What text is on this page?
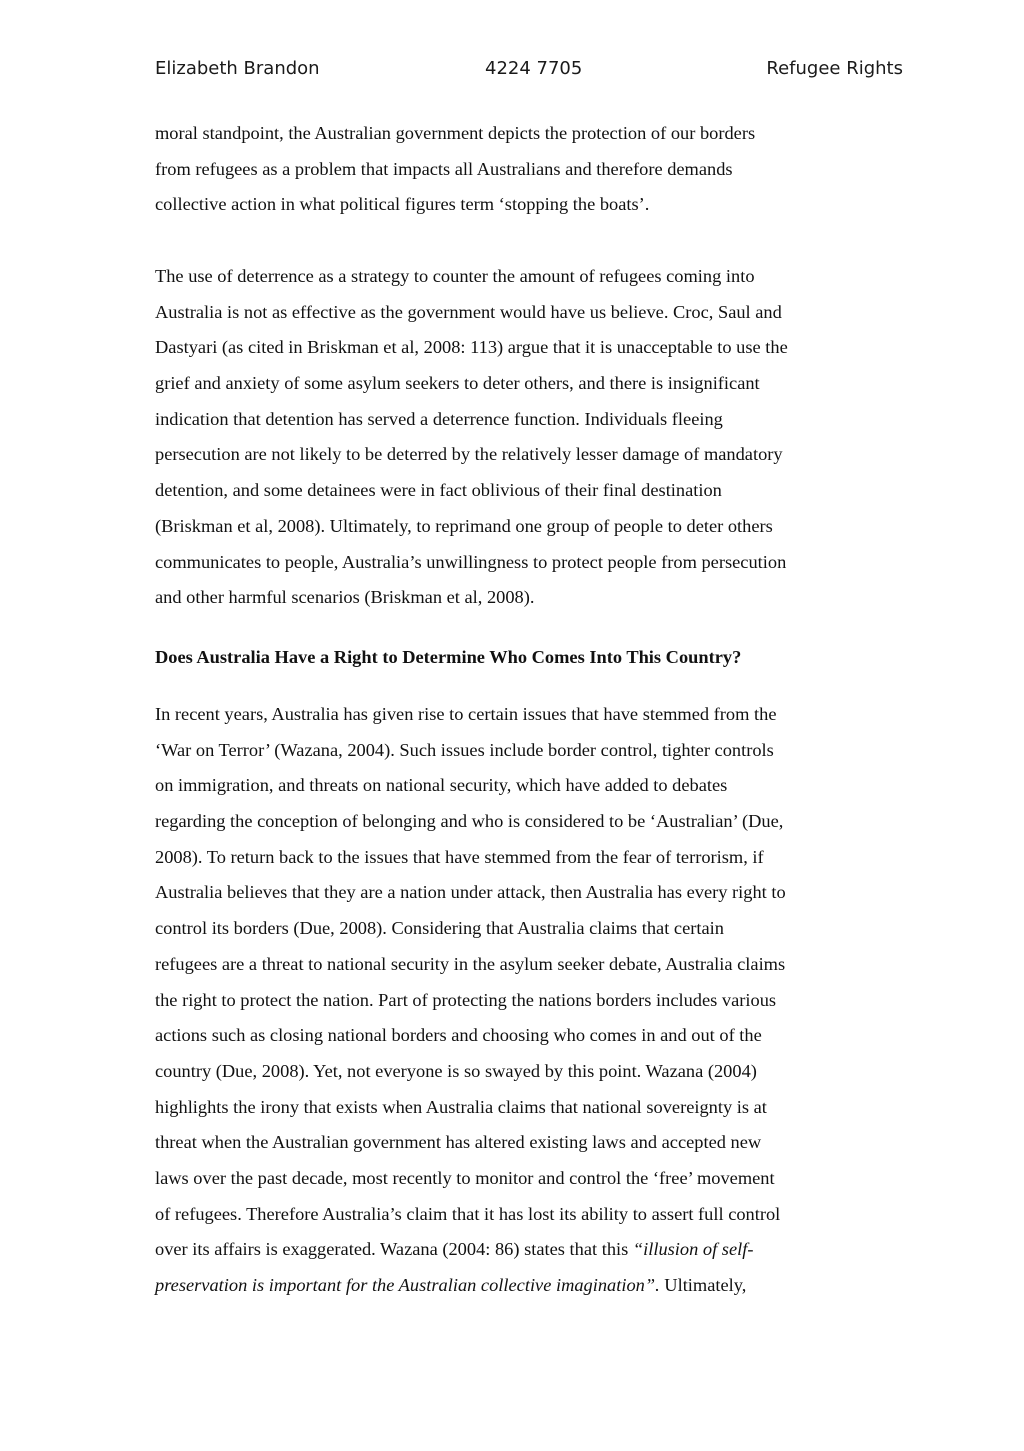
Elizabeth Brandon	4224 7705	Refugee Rights
moral standpoint, the Australian government depicts the protection of our borders
from refugees as a problem that impacts all Australians and therefore demands
collective action in what political figures term ‘stopping the boats’.
The use of deterrence as a strategy to counter the amount of refugees coming into
Australia is not as effective as the government would have us believe. Croc, Saul and
Dastyari (as cited in Briskman et al, 2008: 113) argue that it is unacceptable to use the
grief and anxiety of some asylum seekers to deter others, and there is insignificant
indication that detention has served a deterrence function. Individuals fleeing
persecution are not likely to be deterred by the relatively lesser damage of mandatory
detention, and some detainees were in fact oblivious of their final destination
(Briskman et al, 2008). Ultimately, to reprimand one group of people to deter others
communicates to people, Australia’s unwillingness to protect people from persecution
and other harmful scenarios (Briskman et al, 2008).
Does Australia Have a Right to Determine Who Comes Into This Country?
In recent years, Australia has given rise to certain issues that have stemmed from the
‘War on Terror’ (Wazana, 2004). Such issues include border control, tighter controls
on immigration, and threats on national security, which have added to debates
regarding the conception of belonging and who is considered to be ‘Australian’ (Due,
2008). To return back to the issues that have stemmed from the fear of terrorism, if
Australia believes that they are a nation under attack, then Australia has every right to
control its borders (Due, 2008). Considering that Australia claims that certain
refugees are a threat to national security in the asylum seeker debate, Australia claims
the right to protect the nation. Part of protecting the nations borders includes various
actions such as closing national borders and choosing who comes in and out of the
country (Due, 2008). Yet, not everyone is so swayed by this point. Wazana (2004)
highlights the irony that exists when Australia claims that national sovereignty is at
threat when the Australian government has altered existing laws and accepted new
laws over the past decade, most recently to monitor and control the ‘free’ movement
of refugees. Therefore Australia’s claim that it has lost its ability to assert full control
over its affairs is exaggerated. Wazana (2004: 86) states that this “illusion of self-
preservation is important for the Australian collective imagination”. Ultimately,
